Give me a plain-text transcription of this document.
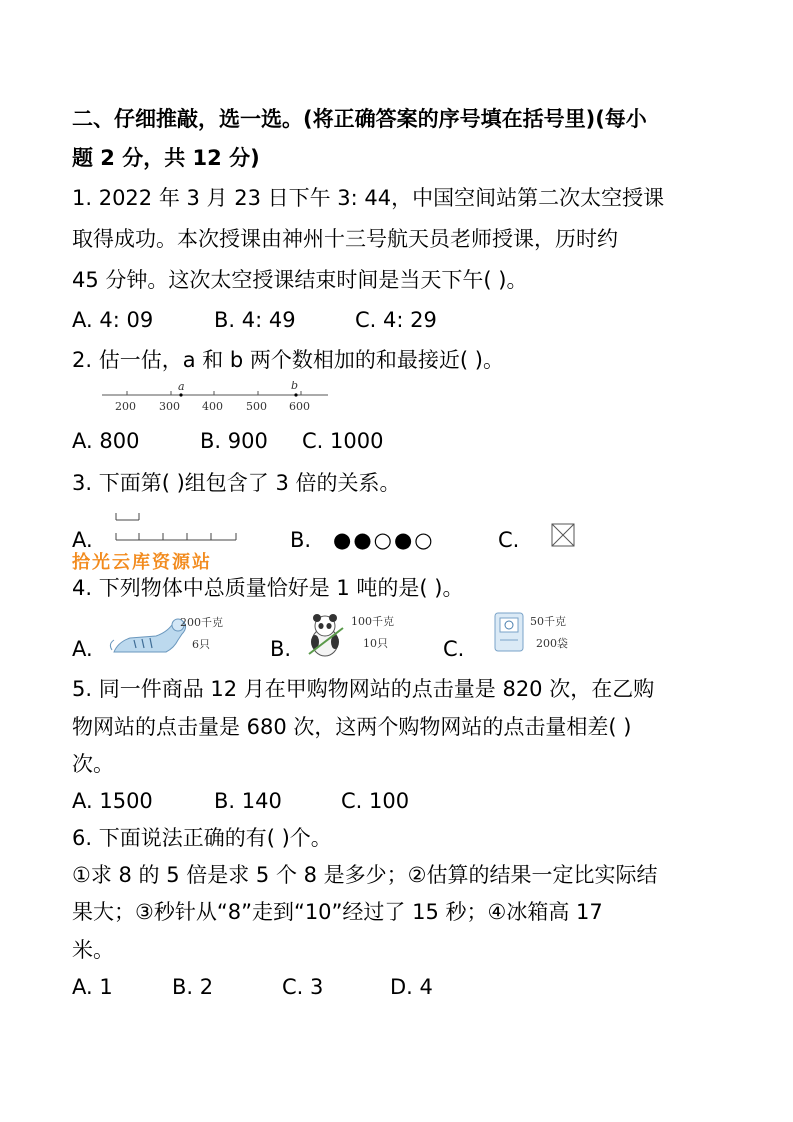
二、仔细推敲，选一选。(将正确答案的序号填在括号里)(每小
题 2 分，共 12 分)
1. 2022 年 3 月 23 日下午 3: 44，中国空间站第二次太空授课
取得成功。本次授课由神州十三号航天员老师授课，历时约
45 分钟。这次太空授课结束时间是当天下午( )。
A. 4: 09	B. 4: 49	C. 4: 29
2. 估一估，a 和 b 两个数相加的和最接近( )。
a	b
200 300 400 500 600
A. 800	B. 900 C. 1000
3. 下面第( )组包含了 3 倍的关系。
A.	B. ●●○●○	C.
拾光云库资源站
4. 下列物体中总质量恰好是 1 吨的是( )。
A.
200千克
6只	B.
100千克
10只	C.
50千克
200袋
5. 同一件商品 12 月在甲购物网站的点击量是 820 次，在乙购
物网站的点击量是 680 次，这两个购物网站的点击量相差( )
次。
A. 1500	B. 140	C. 100
6. 下面说法正确的有( )个。
①求 8 的 5 倍是求 5 个 8 是多少；②估算的结果一定比实际结
果大；③秒针从“8”走到“10”经过了 15 秒；④冰箱高 17
米。
A. 1	B. 2	C. 3	D. 4
